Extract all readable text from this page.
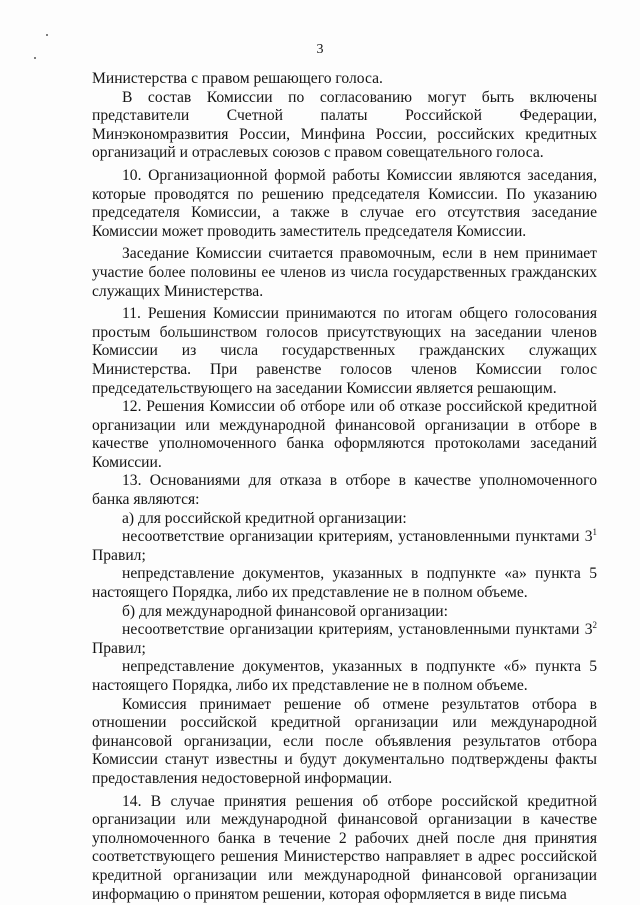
3

Министерства с правом решающего голоса.

В состав Комиссии по согласованию могут быть включены представители Счетной палаты Российской Федерации, Минэкономразвития России, Минфина России, российских кредитных организаций и отраслевых союзов с правом совещательного голоса.

10. Организационной формой работы Комиссии являются заседания, которые проводятся по решению председателя Комиссии. По указанию председателя Комиссии, а также в случае его отсутствия заседание Комиссии может проводить заместитель председателя Комиссии.

Заседание Комиссии считается правомочным, если в нем принимает участие более половины ее членов из числа государственных гражданских служащих Министерства.

11. Решения Комиссии принимаются по итогам общего голосования простым большинством голосов присутствующих на заседании членов Комиссии из числа государственных гражданских служащих Министерства. При равенстве голосов членов Комиссии голос председательствующего на заседании Комиссии является решающим.

12. Решения Комиссии об отборе или об отказе российской кредитной организации или международной финансовой организации в отборе в качестве уполномоченного банка оформляются протоколами заседаний Комиссии.

13. Основаниями для отказа в отборе в качестве уполномоченного банка являются:

а) для российской кредитной организации:

несоответствие организации критериям, установленными пунктами $3^1$ Правил;

непредставление документов, указанных в подпункте «а» пункта 5 настоящего Порядка, либо их представление не в полном объеме.

б) для международной финансовой организации:

несоответствие организации критериям, установленными пунктами $3^2$ Правил;

непредставление документов, указанных в подпункте «б» пункта 5 настоящего Порядка, либо их представление не в полном объеме.

Комиссия принимает решение об отмене результатов отбора в отношении российской кредитной организации или международной финансовой организации, если после объявления результатов отбора Комиссии станут известны и будут документально подтверждены факты предоставления недостоверной информации.

14. В случае принятия решения об отборе российской кредитной организации или международной финансовой организации в качестве уполномоченного банка в течение 2 рабочих дней после дня принятия соответствующего решения Министерство направляет в адрес российской кредитной организации или международной финансовой организации информацию о принятом решении, которая оформляется в виде письма
